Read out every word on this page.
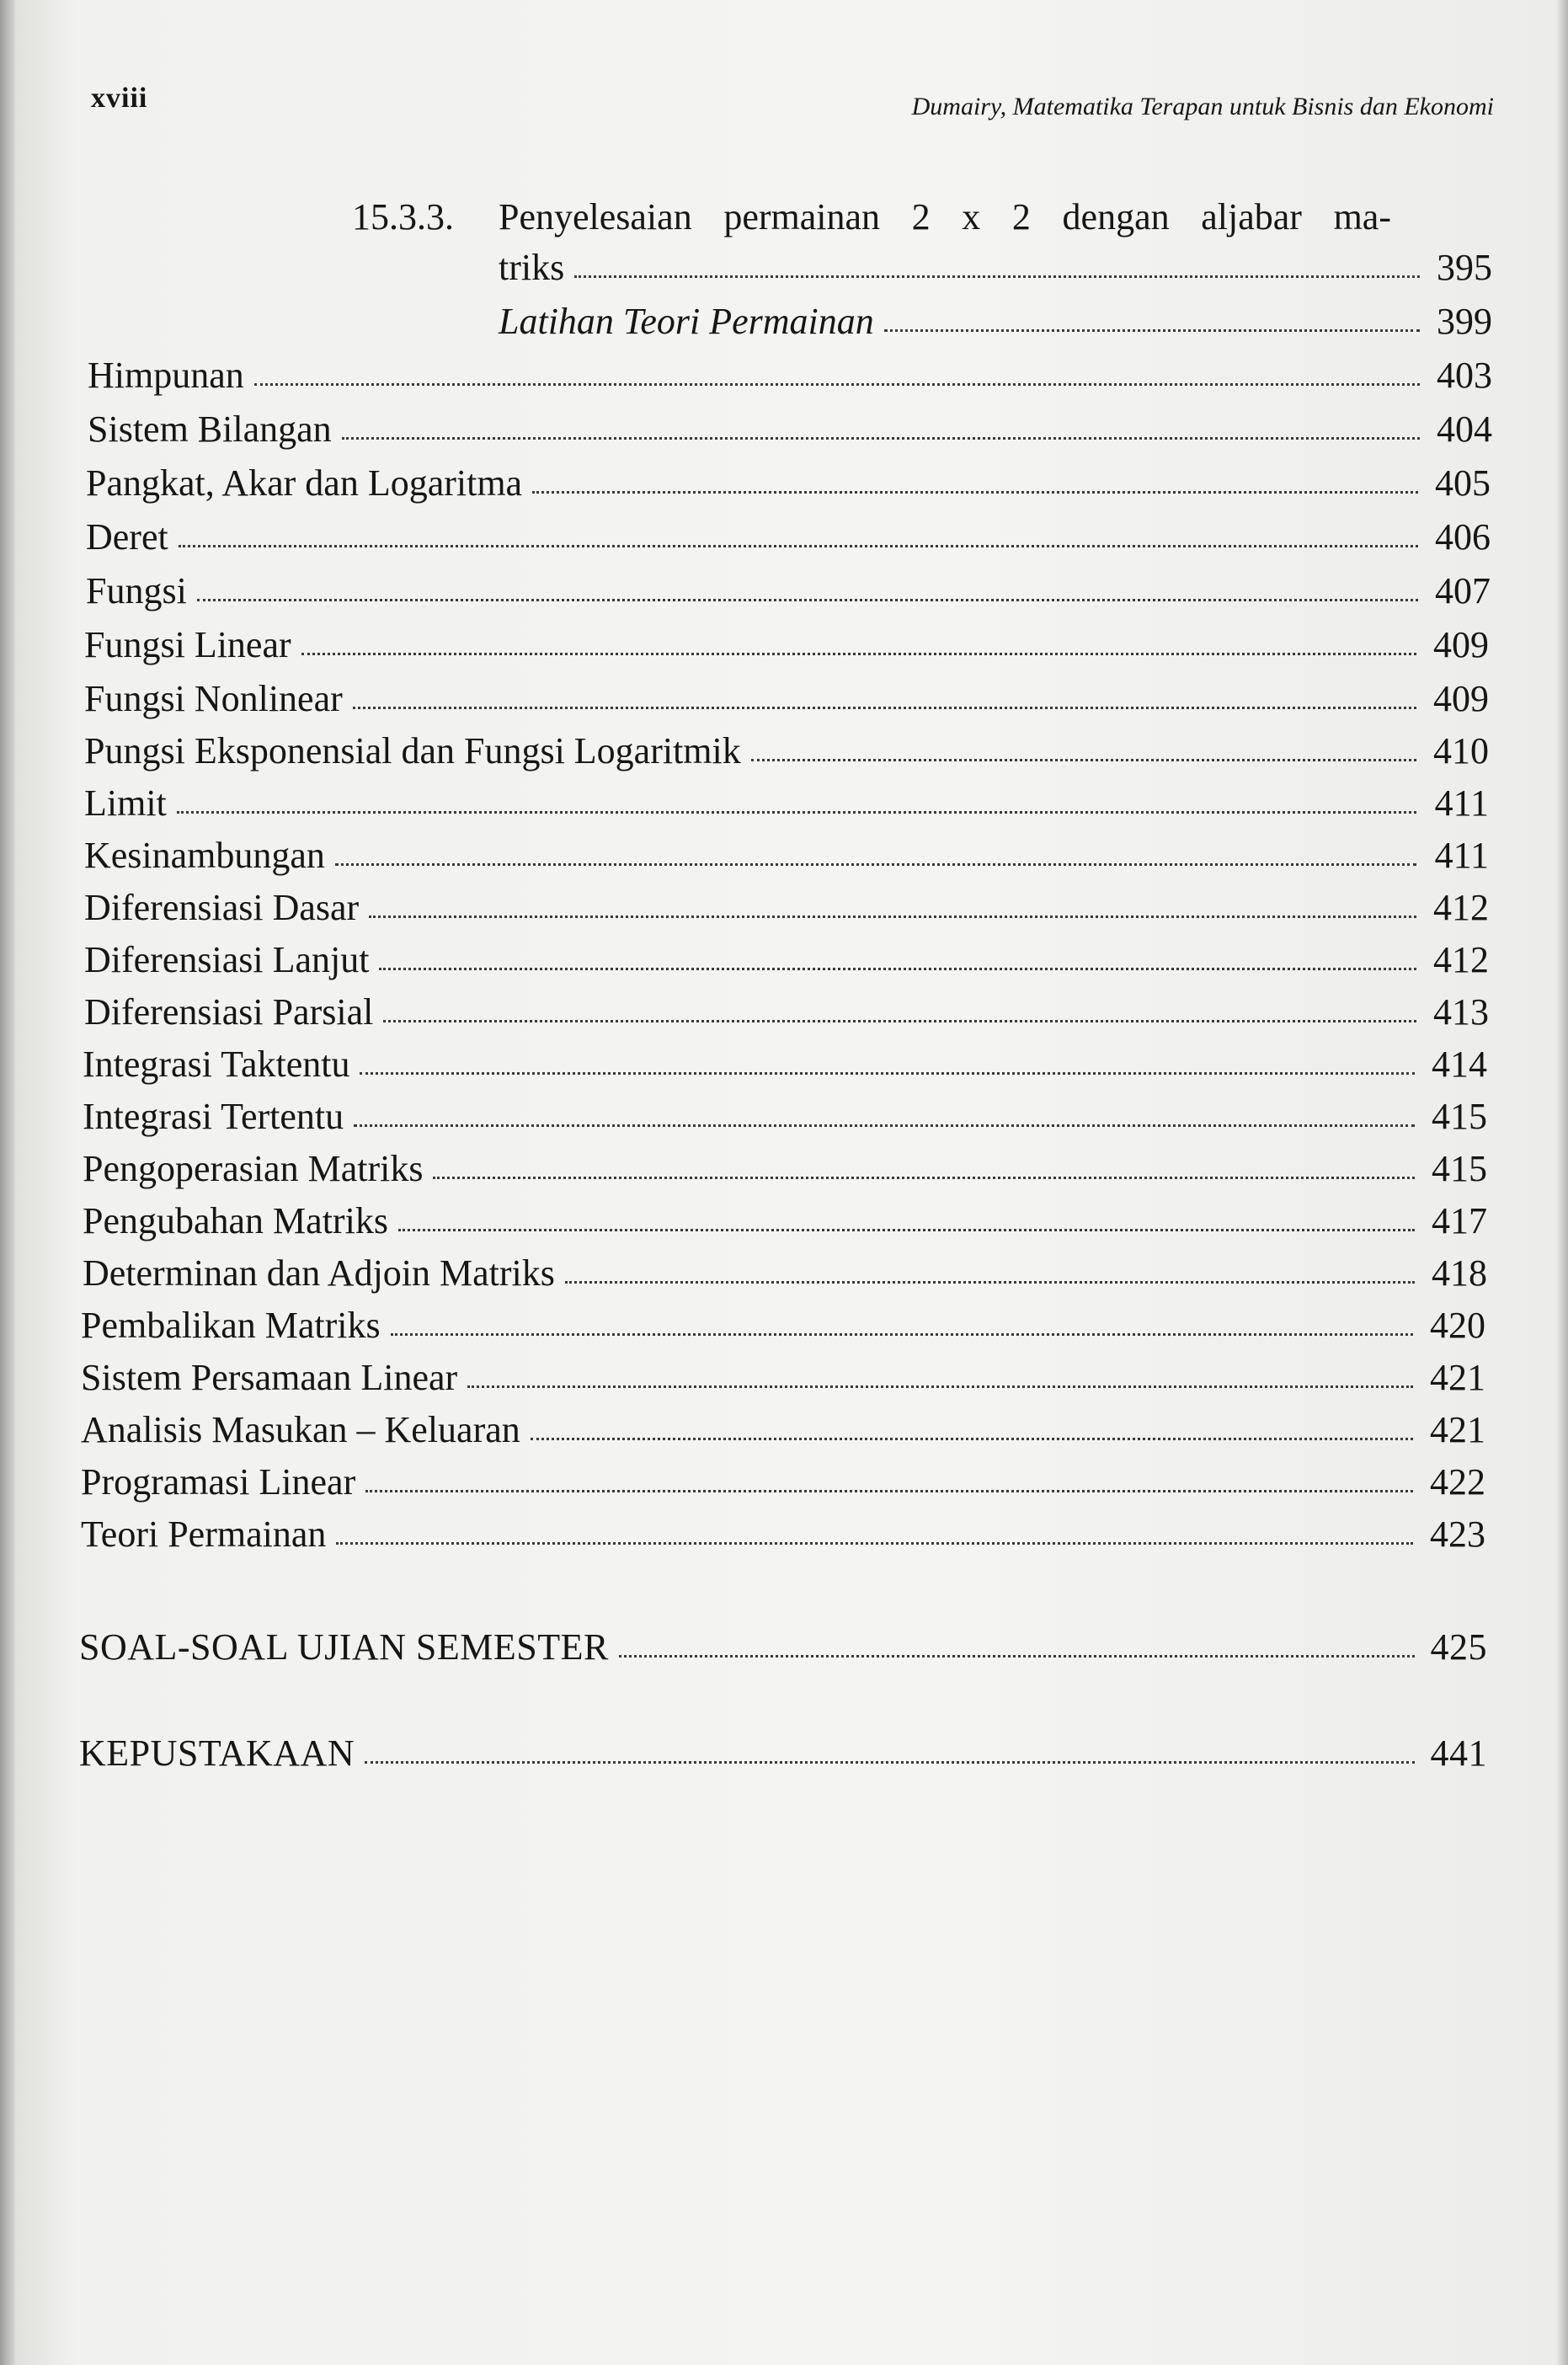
xviii	Dumairy, Matematika Terapan untuk Bisnis dan Ekonomi
15.3.3. Penyelesaian permainan 2 x 2 dengan aljabar ma-
triks	395
Latihan Teori Permainan	399
Himpunan	403
Sistem Bilangan	404
Pangkat, Akar dan Logaritma	405
Deret	406
Fungsi	407
Fungsi Linear	409
Fungsi Nonlinear	409
Pungsi Eksponensial dan Fungsi Logaritmik	410
Limit	411
Kesinambungan	411
Diferensiasi Dasar	412
Diferensiasi Lanjut	412
Diferensiasi Parsial	413
Integrasi Taktentu	414
Integrasi Tertentu	415
Pengoperasian Matriks	415
Pengubahan Matriks	417
Determinan dan Adjoin Matriks	418
Pembalikan Matriks	420
Sistem Persamaan Linear	421
Analisis Masukan – Keluaran	421
Programasi Linear	422
Teori Permainan	423
SOAL-SOAL UJIAN SEMESTER	425
KEPUSTAKAAN	441
